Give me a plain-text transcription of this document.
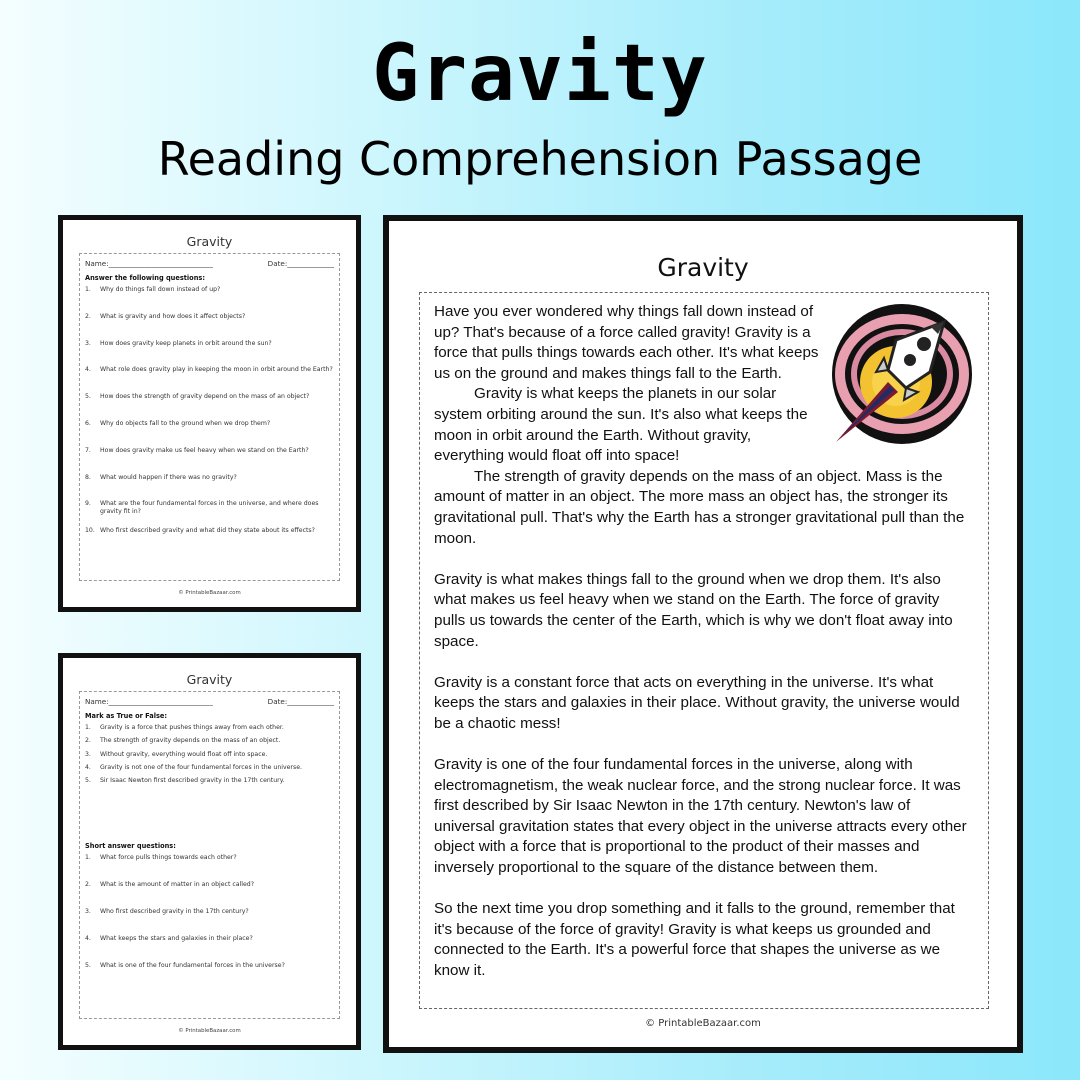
Gravity
Reading Comprehension Passage
Gravity
Name:_____________________________	Date:_____________
Answer the following questions:
1.	Why do things fall down instead of up?
2.	What is gravity and how does it affect objects?
3.	How does gravity keep planets in orbit around the sun?
4.	What role does gravity play in keeping the moon in orbit around the Earth?
5.	How does the strength of gravity depend on the mass of an object?
6.	Why do objects fall to the ground when we drop them?
7.	How does gravity make us feel heavy when we stand on the Earth?
8.	What would happen if there was no gravity?
9.	What are the four fundamental forces in the universe, and where does gravity fit in?
10. Who first described gravity and what did they state about its effects?
© PrintableBazaar.com
Gravity
Name:_____________________________	Date:_____________
Mark as True or False:
1.	Gravity is a force that pushes things away from each other.
2.	The strength of gravity depends on the mass of an object.
3.	Without gravity, everything would float off into space.
4.	Gravity is not one of the four fundamental forces in the universe.
5.	Sir Isaac Newton first described gravity in the 17th century.
Short answer questions:
1.	What force pulls things towards each other?
2.	What is the amount of matter in an object called?
3.	Who first described gravity in the 17th century?
4.	What keeps the stars and galaxies in their place?
5.	What is one of the four fundamental forces in the universe?
© PrintableBazaar.com
Gravity

Have you ever wondered why things fall down instead of up? That's because of a force called gravity! Gravity is a force that pulls things towards each other. It's what keeps us on the ground and makes things fall to the Earth.

Gravity is what keeps the planets in our solar system orbiting around the sun. It's also what keeps the moon in orbit around the Earth. Without gravity, everything would float off into space!

The strength of gravity depends on the mass of an object. Mass is the amount of matter in an object. The more mass an object has, the stronger its gravitational pull. That's why the Earth has a stronger gravitational pull than the moon.

Gravity is what makes things fall to the ground when we drop them. It's also what makes us feel heavy when we stand on the Earth. The force of gravity pulls us towards the center of the Earth, which is why we don't float away into space.

Gravity is a constant force that acts on everything in the universe. It's what keeps the stars and galaxies in their place. Without gravity, the universe would be a chaotic mess!

Gravity is one of the four fundamental forces in the universe, along with electromagnetism, the weak nuclear force, and the strong nuclear force. It was first described by Sir Isaac Newton in the 17th century. Newton's law of universal gravitation states that every object in the universe attracts every other object with a force that is proportional to the product of their masses and inversely proportional to the square of the distance between them.

So the next time you drop something and it falls to the ground, remember that it's because of the force of gravity! Gravity is what keeps us grounded and connected to the Earth. It's a powerful force that shapes the universe as we know it.

© PrintableBazaar.com
